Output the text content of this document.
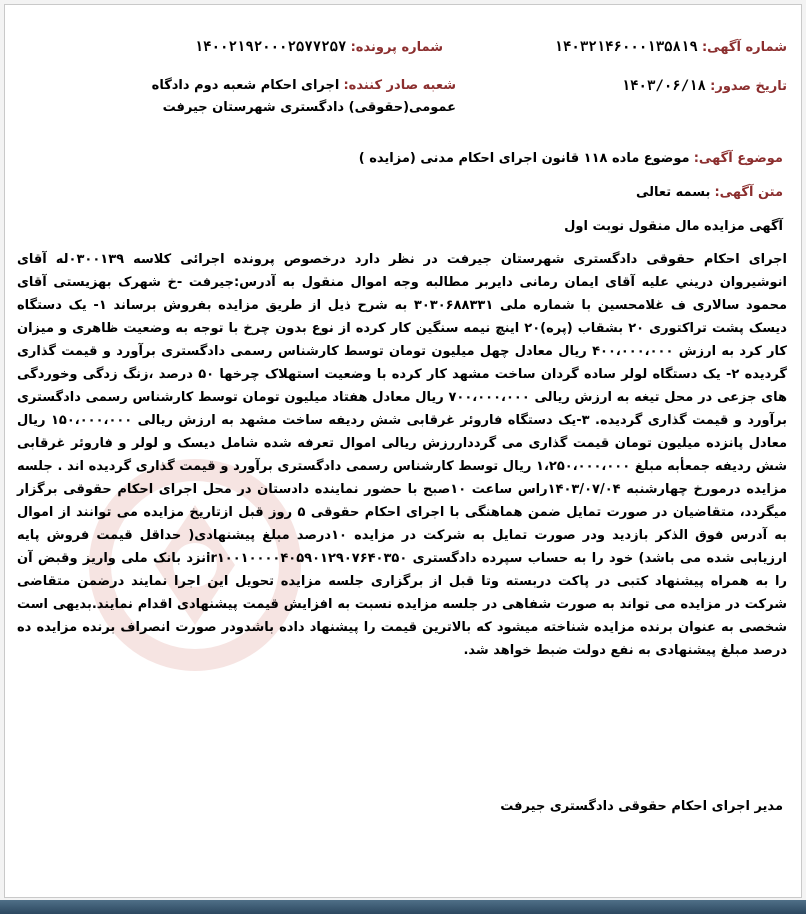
شماره آگهی: ۱۴۰۳۲۱۴۶۰۰۰۱۳۵۸۱۹
شماره پرونده: ۱۴۰۰۲۱۹۲۰۰۰۲۵۷۷۲۵۷
تاریخ صدور: ۱۴۰۳/۰۶/۱۸
شعبه صادر کننده: اجرای احکام شعبه دوم دادگاه عمومی(حقوقی) دادگستری شهرستان جیرفت
موضوع آگهی: موضوع ماده ۱۱۸ قانون اجرای احکام مدنی (مزایده )
متن آگهی: بسمه تعالی
آگهی مزایده مال منقول نوبت اول
اجرای احکام حقوقی دادگستری شهرستان جیرفت در نظر دارد درخصوص پرونده اجرائی کلاسه ۰۳۰۰۱۳۹له آقای انوشیروان دریني علیه آقای ایمان رمانی دایربر مطالبه وجه اموال منقول به آدرس:جیرفت -خ شهرک بهزیستی آقای محمود سالاری ف غلامحسین با شماره ملی ۳۰۳۰۶۸۸۳۳۱ به شرح ذیل از طریق مزایده بفروش برساند ۱- یک دستگاه دیسک پشت تراکتوری ۲۰ بشقاب (پره)۲۰ اینچ نیمه سنگین کار کرده از نوع بدون چرخ با توجه به وضعیت ظاهری و میزان کار کرد به ارزش ۴۰۰،۰۰۰،۰۰۰ ریال معادل چهل میلیون تومان توسط کارشناس رسمی دادگستری برآورد و قیمت گذاری گردیده ۲- یک دستگاه لولر ساده گردان ساخت مشهد کار کرده با وضعیت استهلاک چرخها ۵۰ درصد ،زنگ زدگی وخوردگی های جزعی در محل تیغه به ارزش ریالی ۷۰۰،۰۰۰،۰۰۰ ریال معادل هفتاد میلیون تومان توسط کارشناس رسمی دادگستری برآورد و قیمت گذاری گردیده. ۳-یک دستگاه فاروئر غرقابی شش ردیفه ساخت مشهد به ارزش ریالی ۱۵۰،۰۰۰،۰۰۰ ریال معادل پانزده میلیون تومان قیمت گذاری می گردداررزش ریالی اموال تعرفه شده شامل دیسک و لولر و فاروئر غرقابی شش ردیفه جمعأبه مبلغ ۱،۲۵۰،۰۰۰،۰۰۰ ریال توسط کارشناس رسمی دادگستری برآورد و قیمت گذاری گردیده اند . جلسه مزایده درمورخ چهارشنبه ۱۴۰۳/۰۷/۰۴راس ساعت ۱۰صبح با حضور نماینده دادستان در محل اجرای احکام حقوقی برگزار میگردد، متقاضیان در صورت تمایل ضمن هماهنگی با اجرای احکام حقوقی ۵ روز قبل ازتاریخ مزایده می توانند از اموال به آدرس فوق الذکر بازدید ودر صورت تمایل به شرکت در مزایده ۱۰درصد مبلغ پیشنهادی( حداقل قیمت فروش پایه ارزیابی شده می باشد) خود را به حساب سپرده دادگستری ir۱۰۰۱۰۰۰۰۴۰۵۹۰۱۲۹۰۷۶۴۰۳۵۰نزد بانک ملی واریز وقبض آن را به همراه پیشنهاد کتبی در پاکت دربسته وتا قبل از برگزاری جلسه مزایده تحویل این اجرا نمایند درضمن متقاضی شرکت در مزایده می تواند به صورت شفاهی در جلسه مزایده نسبت به افزایش قیمت پیشنهادی اقدام نمایند.بدیهی است شخصی به عنوان برنده مزایده شناخته میشود که بالاترین قیمت را پیشنهاد داده باشدودر صورت انصراف برنده مزایده ده درصد مبلغ پیشنهادی به نفع دولت ضبط خواهد شد.
مدیر اجرای احکام حقوقی دادگستری جیرفت
